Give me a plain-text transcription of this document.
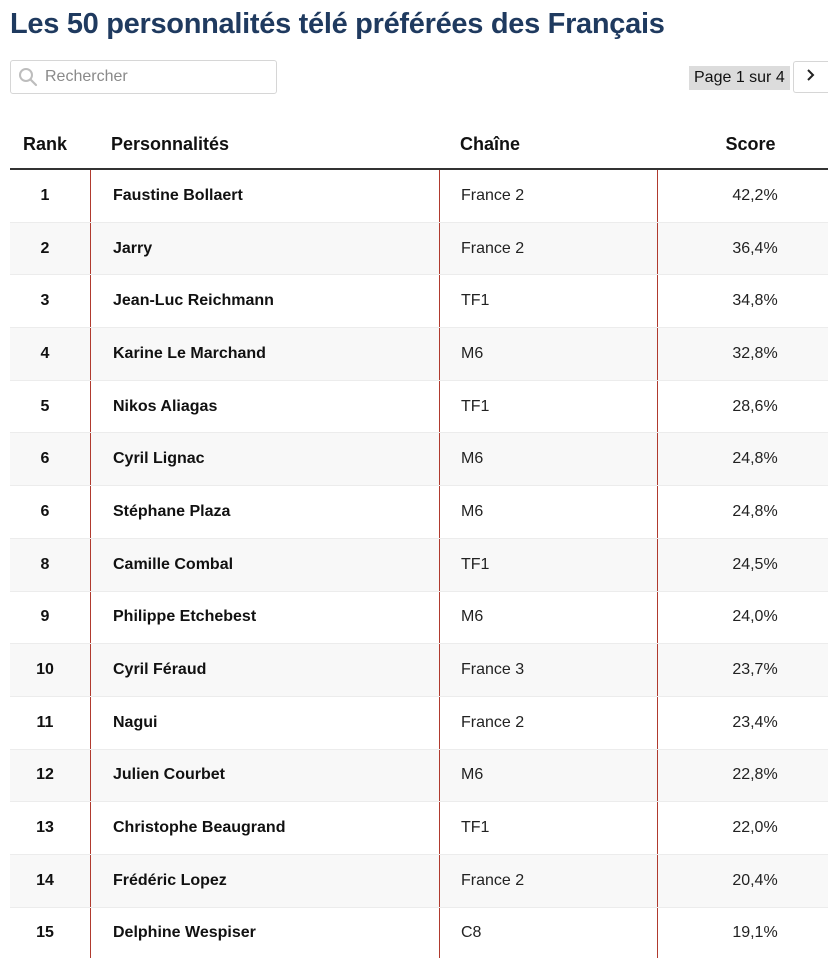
Les 50 personnalités télé préférées des Français
Rechercher
Page 1 sur 4
Rank	Personnalités	Chaîne	Score
1	Faustine Bollaert	France 2	42,2%
2	Jarry	France 2	36,4%
3	Jean-Luc Reichmann	TF1	34,8%
4	Karine Le Marchand	M6	32,8%
5	Nikos Aliagas	TF1	28,6%
6	Cyril Lignac	M6	24,8%
6	Stéphane Plaza	M6	24,8%
8	Camille Combal	TF1	24,5%
9	Philippe Etchebest	M6	24,0%
10	Cyril Féraud	France 3	23,7%
11	Nagui	France 2	23,4%
12	Julien Courbet	M6	22,8%
13	Christophe Beaugrand	TF1	22,0%
14	Frédéric Lopez	France 2	20,4%
15	Delphine Wespiser	C8	19,1%
